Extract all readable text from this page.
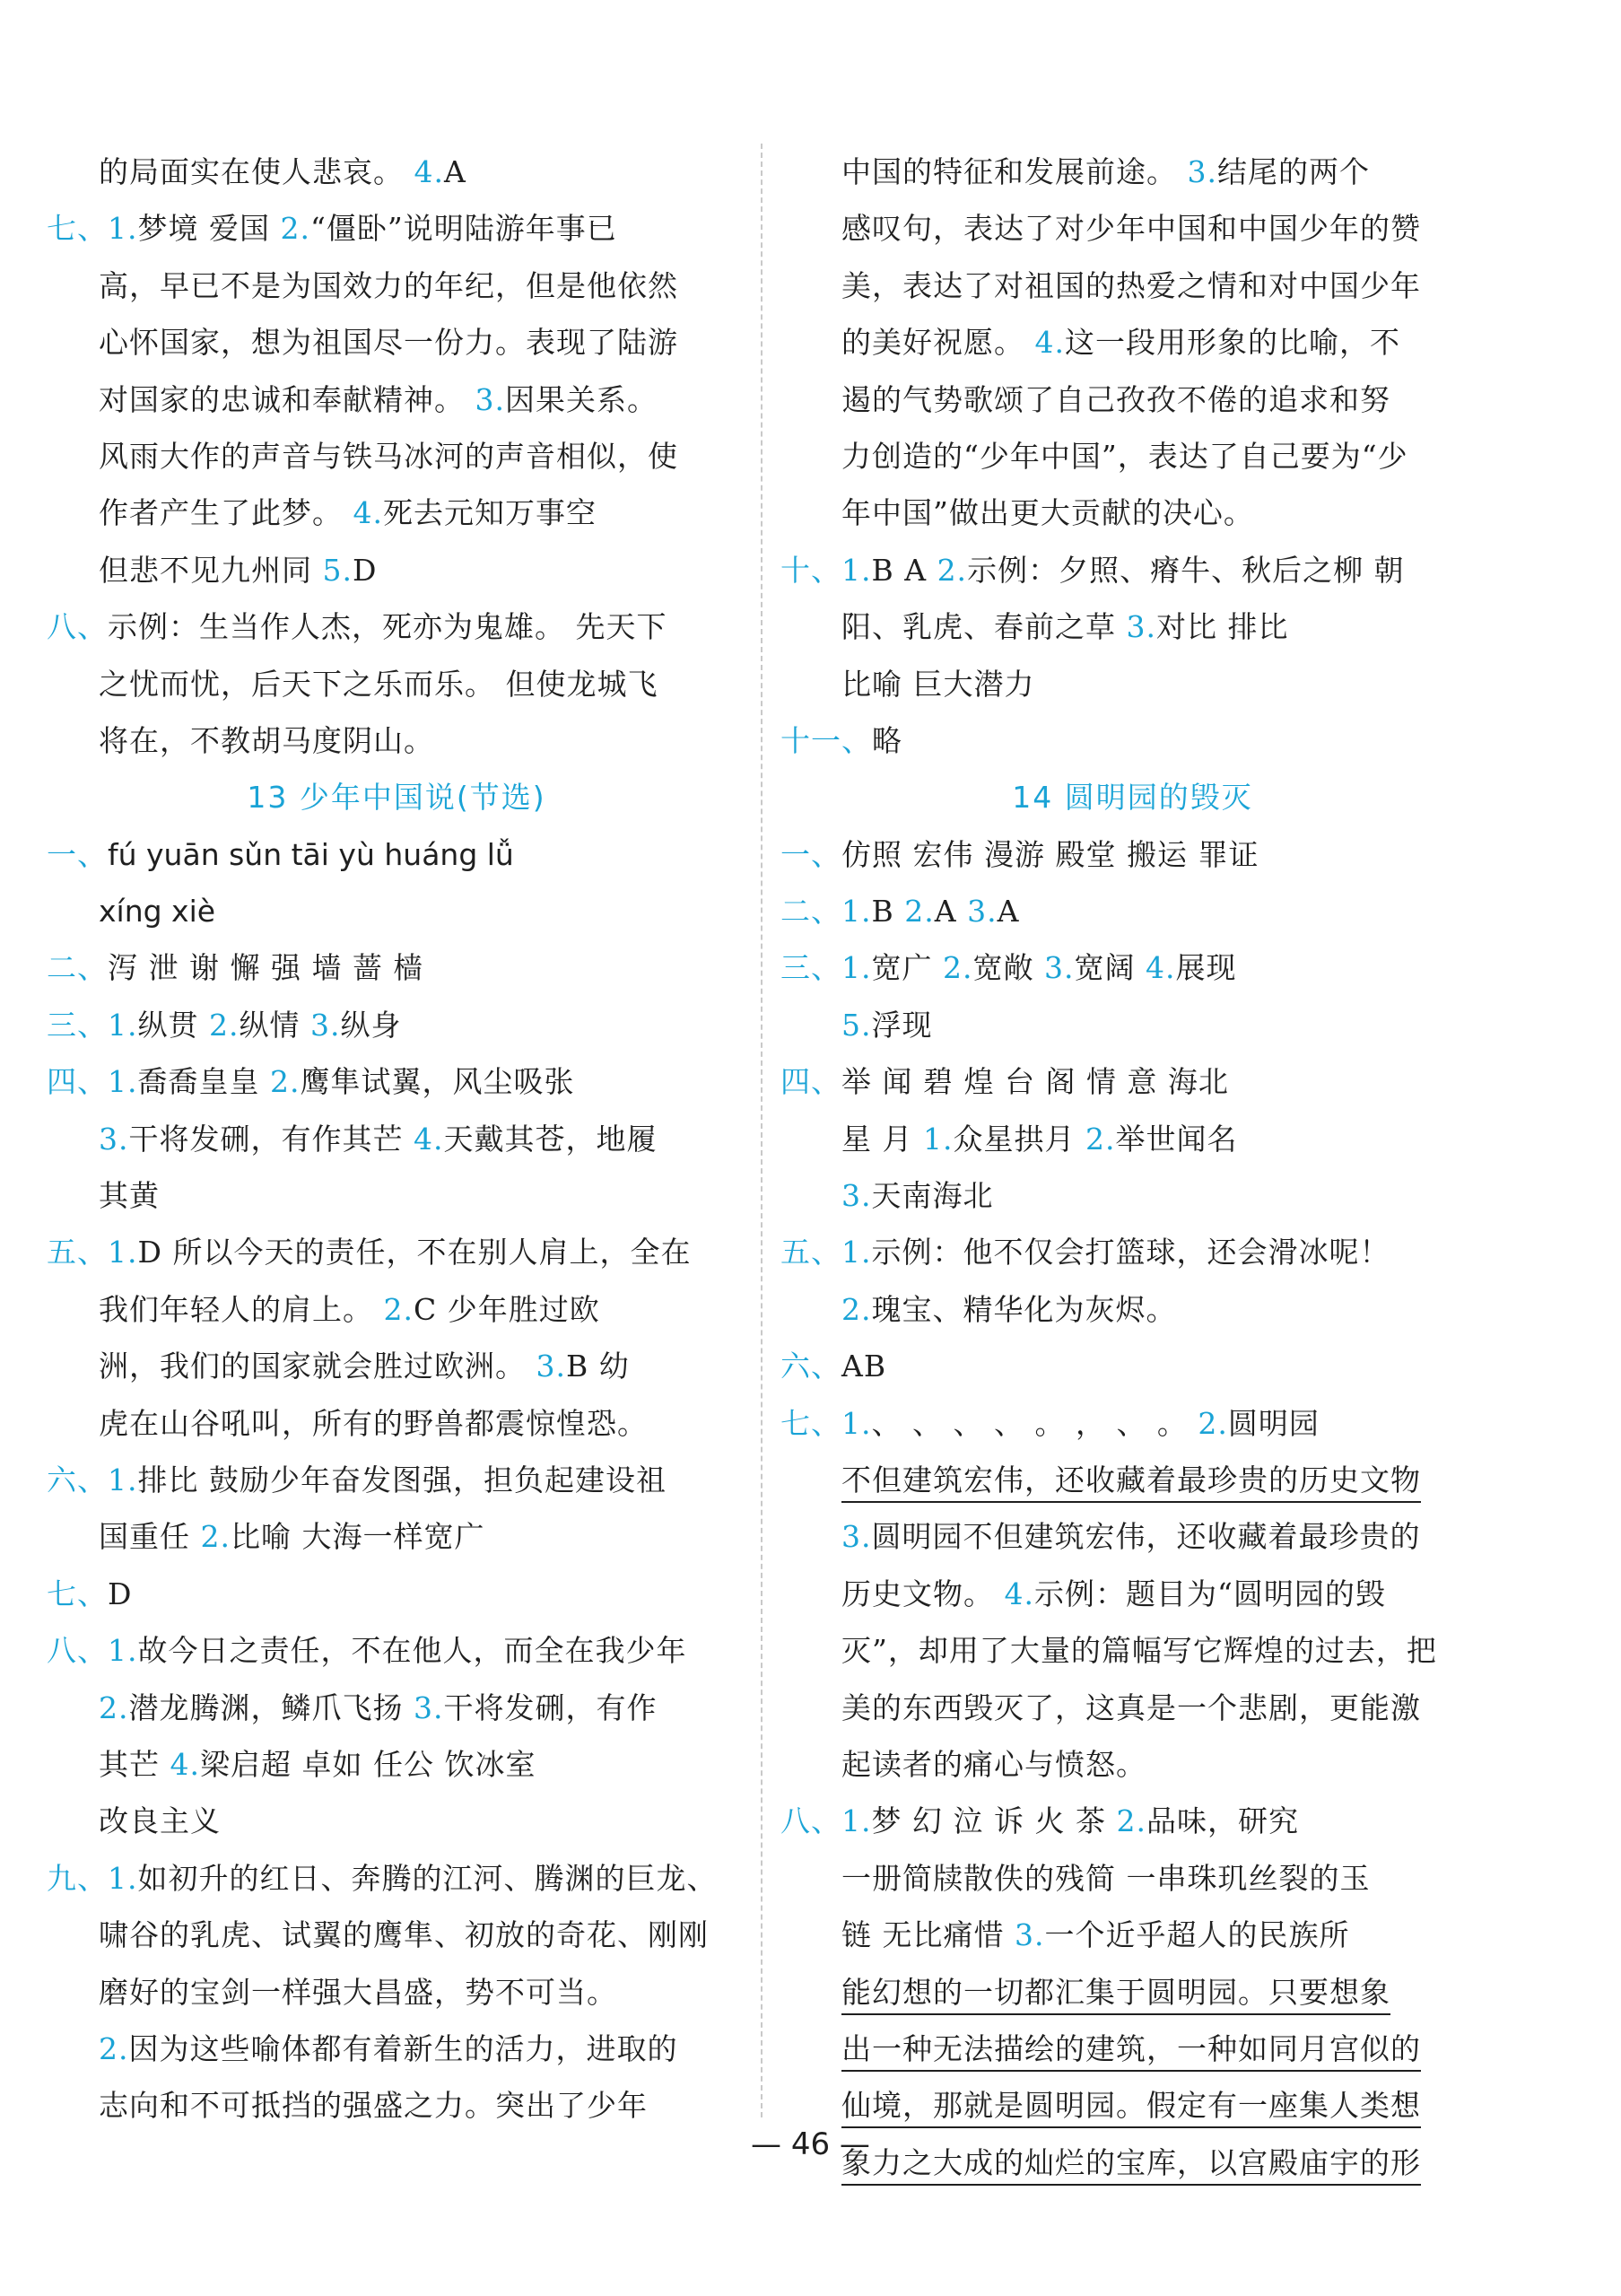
的局面实在使人悲哀。 4.A
七、1.梦境 爱国 2.“僵卧”说明陆游年事已
高，早已不是为国效力的年纪，但是他依然
心怀国家，想为祖国尽一份力。表现了陆游
对国家的忠诚和奉献精神。 3.因果关系。
风雨大作的声音与铁马冰河的声音相似，使
作者产生了此梦。 4.死去元知万事空
但悲不见九州同 5.D
八、示例：生当作人杰，死亦为鬼雄。 先天下
之忧而忧，后天下之乐而乐。 但使龙城飞
将在，不教胡马度阴山。
13 少年中国说(节选)
一、fú yuān sǔn tāi yù huáng lǚ
xíng xiè
二、泻 泄 谢 懈 强 墙 蔷 樯
三、1.纵贯 2.纵情 3.纵身
四、1.喬喬皇皇 2.鹰隼试翼，风尘吸张
3.干将发硎，有作其芒 4.天戴其苍，地履
其黄
五、1.D 所以今天的责任，不在别人肩上，全在
我们年轻人的肩上。 2.C 少年胜过欧
洲，我们的国家就会胜过欧洲。 3.B 幼
虎在山谷吼叫，所有的野兽都震惊惶恐。
六、1.排比 鼓励少年奋发图强，担负起建设祖
国重任 2.比喻 大海一样宽广
七、D
八、1.故今日之责任，不在他人，而全在我少年
2.潜龙腾渊，鳞爪飞扬 3.干将发硎，有作
其芒 4.梁启超 卓如 任公 饮冰室
改良主义
九、1.如初升的红日、奔腾的江河、腾渊的巨龙、
啸谷的乳虎、试翼的鹰隼、初放的奇花、刚刚
磨好的宝剑一样强大昌盛，势不可当。
2.因为这些喻体都有着新生的活力，进取的
志向和不可抵挡的强盛之力。突出了少年
中国的特征和发展前途。 3.结尾的两个
感叹句，表达了对少年中国和中国少年的赞
美，表达了对祖国的热爱之情和对中国少年
的美好祝愿。 4.这一段用形象的比喻，不
遏的气势歌颂了自己孜孜不倦的追求和努
力创造的“少年中国”，表达了自己要为“少
年中国”做出更大贡献的决心。
十、1.B A 2.示例：夕照、瘠牛、秋后之柳 朝
阳、乳虎、春前之草 3.对比 排比
比喻 巨大潜力
十一、略
14 圆明园的毁灭
一、仿照 宏伟 漫游 殿堂 搬运 罪证
二、1.B 2.A 3.A
三、1.宽广 2.宽敞 3.宽阔 4.展现
5.浮现
四、举 闻 碧 煌 台 阁 情 意 海北
星 月 1.众星拱月 2.举世闻名
3.天南海北
五、1.示例：他不仅会打篮球，还会滑冰呢！
2.瑰宝、精华化为灰烬。
六、AB
七、1.、 、 、 、 。 ， 、 。 2.圆明园
不但建筑宏伟，还收藏着最珍贵的历史文物
3.圆明园不但建筑宏伟，还收藏着最珍贵的
历史文物。 4.示例：题目为“圆明园的毁
灭”，却用了大量的篇幅写它辉煌的过去，把
美的东西毁灭了，这真是一个悲剧，更能激
起读者的痛心与愤怒。
八、1.梦 幻 泣 诉 火 茶 2.品味，研究
一册简牍散佚的残简 一串珠玑丝裂的玉
链 无比痛惜 3.一个近乎超人的民族所
能幻想的一切都汇集于圆明园。只要想象
出一种无法描绘的建筑，一种如同月宫似的
仙境，那就是圆明园。假定有一座集人类想
象力之大成的灿烂的宝库，以宫殿庙宇的形
— 46 —
